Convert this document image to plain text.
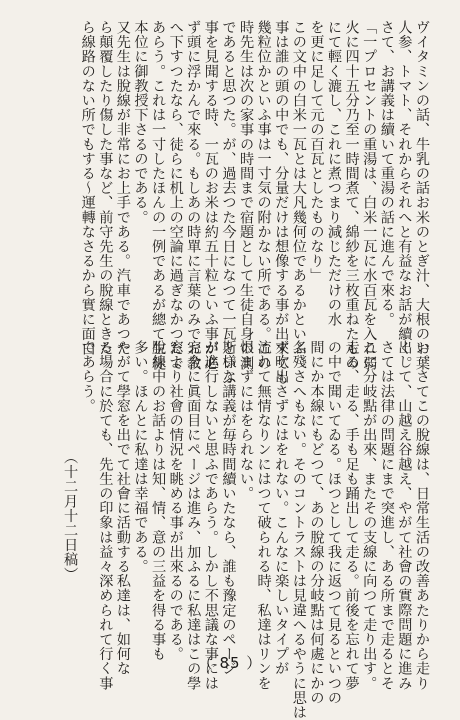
ヴイタミンの話、牛乳の話お米のとぎ汁、大根のお葉
人参、トマト、それからそれへと有益なお話が續く。
さて、お講義は續いて重湯の話に進んで來る。
「一プロセントの重湯は、白米一瓦に水百瓦を入れ弱
火に四十五分乃至一時間煮て、綿紗を三枚重ねたもの
にて輕く漉し、これに煮つまり減じただけの水
を更に足して元の百瓦としたものなり」
この文中の白米一瓦とは大凡幾何位であるかといふ
事は誰の頭の中でも、分量だけは想像する事が出來ても
幾粒位かといふ事は一寸気の附かない所である。この
時先生は次の家事の時間まで宿題として生徒自身の測
であると思つた。が、過去つた今日になつて一瓦といふ
事を見聞する時、一瓦のお米は約五十粒といふ事が必
ず頭に浮かんで來る。もしあの時單に言葉のみでお教
へ下すつたなら、徒らに机上の空論に過ぎなかつたで
あらう。これは一寸したほんの一例であるが總て生徒
本位に御教授下さるのである。
又先生は脫線が非常にお上手である。汽車であつた
ら顛覆したり傷した事など、前守先生の脫線ときた
ら線路のない所でもする～運轉なさるから實に面白
い。さてこの脫線は、日常生活の改善あたりから走り
出して、山越え谷越え、やがて社會の實際問題に進み
さては法律の問題にまで突進し、ある所まで走るとそ
こに分岐點が出來、またその支線に向つて走り出す。
走る、走る、手も足も踊出して走る。前後を忘れて夢
の中で聞いてゐる。ほつとして我に返つて見るといつの
間にか本線にもどつて、あの脫線の分岐點は何處にかの
名殘さへもない。そのコントラストは見違へるやうに思は
ず吹出さずにはをれない。こんなに楽しいタイプが
流れて無情なりンにはつて破られる時、私達はリンを
恨まずにはをられない。
斯様な講義が毎時間續いたなら、誰も豫定のページ
が進行しないと思ふであらう。しかし不思議な事には
完全に眞面目にページは進み、加ふるに私達はこの學
窓より社會の情況を眺める事が出來るのである。
脫線中のお話よりは知、情、意の三益を得る事も
多い。ほんとに私達は幸福である。
やがて學窓を出でて社會に活動する私達は、如何な
る場合に於ても、先生の印象は益々深められて行く事
であらう。
（十二月十二日稿）
（ 85 ）
